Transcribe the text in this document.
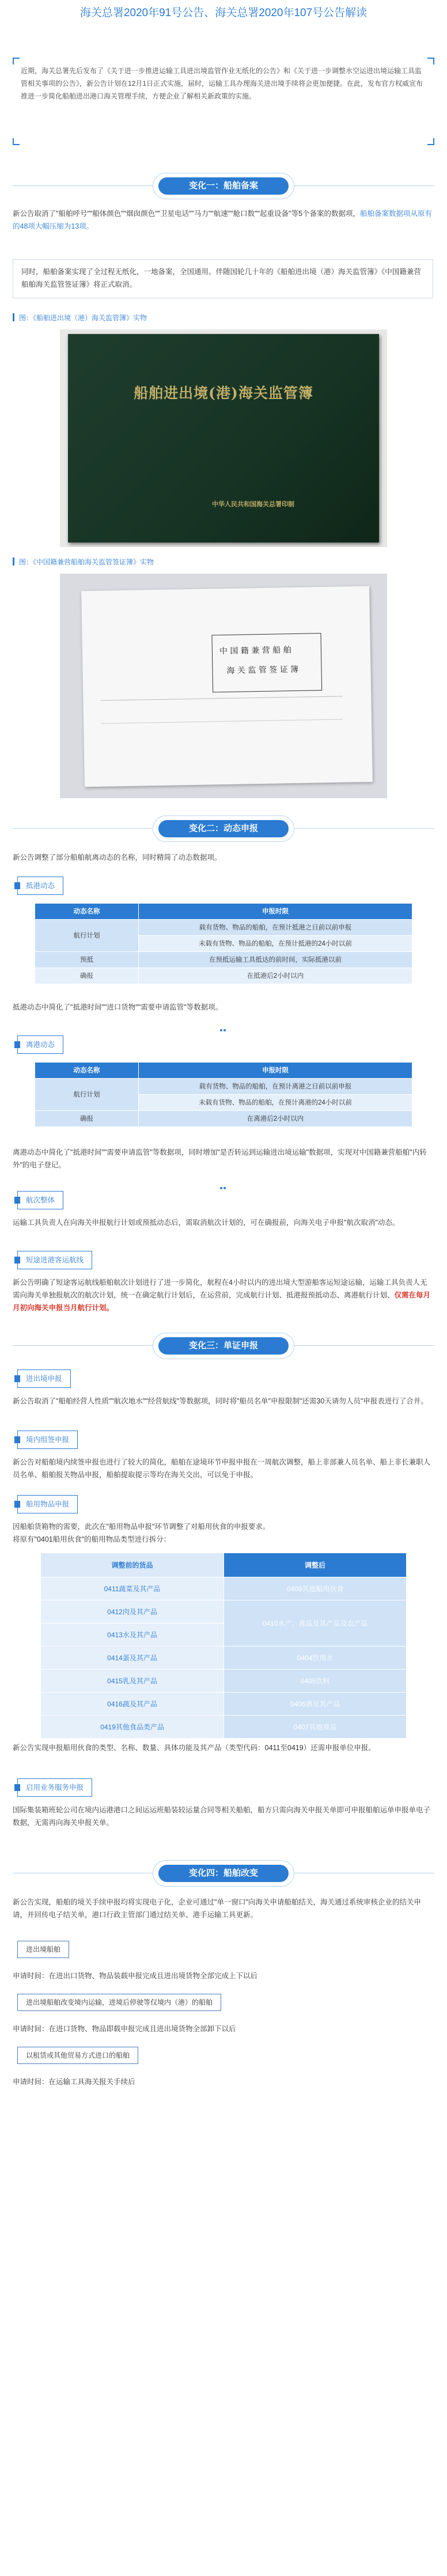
海关总署2020年91号公告、海关总署2020年107号公告解读
近期，海关总署先后发布了《关于进一步推进运输工具进出境监管作业无纸化的公告》和《关于进一步调整水空运进出境运输工具监管相关事项的公告》，新公告计划在12月1日正式实施，届时，运输工具办理海关进出境手续将会更加便捷。在此，发布官方权威宣布推进一步简化船舶进出港口海关管理手续，方便企业了解相关新政策的实施。
变化一：船舶备案
新公告取消了"船舶呼号""船体颜色""烟囱颜色""卫星电话""马力""航速""舱口数""起重设备"等5个备案的数据项，船舶备案数据项从原有的48项大幅压缩为13项。
同时，船舶备案实现了全过程无纸化，一地备案，全国通用。伴随国轮几十年的《船舶进出境（港）海关监管簿》《中国籍兼营船舶海关监管签证簿》将正式取消。
图：《船舶进出境（港）海关监管簿》实物
船舶进出境(港)海关监管簿
中华人民共和国海关总署印制
图：《中国籍兼营船舶海关监管签证簿》实物
中 国 籍 兼 营 船 舶
海 关 监 管 签 证 簿
变化二：动态申报
新公告调整了部分船舶航离动态的名称，同时精简了动态数据项。
抵港动态
动态名称	申报时限
航行计划	载有货物、物品的船舶，在预计抵港之日前以前申报
	未载有货物、物品的船舶，在预计抵港的24小时以前
预抵	在预抵运输工具抵达的前时间，实际抵港以前
确报	在抵港后2小时以内
抵港动态中简化了"抵港时间""进口货物""需要申请监管"等数据项。
离港动态
动态名称	申报时限
航行计划	载有货物、物品的船舶，在预计离港之日前以前申报
	未载有货物、物品的船舶，在预计离港的24小时以前
确报	在离港后2小时以内
离港动态中简化了"抵港时间""需要申请监管"等数据项，同时增加"是否转运到运输进出境运输"数据项，实现对中国籍兼营船舶"内转外"的电子登记。
航次整体
运输工具负责人在向海关申报航行计划或预抵动态后，需取消航次计划的，可在确报前，向海关电子申报"航次取消"动态。
短途进港客运航线
新公告明确了短途客运航线船舶航次计划进行了进一步简化，航程在4小时以内的进出境大型游船客运短途运输，运输工具负责人无需向海关单独报航次的航次计划，统一在确定航行计划后，在运营前，完成航行计划、抵港报预抵动态、离港航行计划、仅需在每月月初向海关申报当月航行计划。
变化三：单证申报
进出境申报
新公告取消了"船舶经营人性质""航次地水""经营航线"等数据项，同时将"船员名单"申报限制"还需30天请勿人员"申报表进行了合并。
境内组签申报
新公告对船舶境内续签申报也进行了较大的简化，船舶在途境环节申报申报在一周航次调整，船上非部兼人员名单、船上非长兼职人员名单、船舶报关物品申报，船舶提取提示等均在海关交出，可以免于申报。
船用物品申报
因船舶货箱物的需要，此次在"船用物品申报"环节调整了对船用伙食的申报要求。
将原有"0401船用伙食"的船用物品类型进行拆分：
调整前的货品	调整后
0411蔬菜及其产品	0409其他船用伙食
0412肉及其产品	0410水产、食品及其产品及农产品
0413水及其产品	
0414蛋及其产品	0404饮用水
0415乳及其产品	0405饮料
0416蔬及其产品	0406酒及其产品
0419其他食品类产品	0407其他食品
新公告实现申报船用伙食的类型、名称、数量、具体功能及其产品（类型代码：0411至0419）还需申报单位申报。
启用业务服务申报
国际集装箱班轮公司在境内运港港口之间运运班船装较运量合同等相关船舶，船方只需向海关申报关单即可申报船舶运单申报单电子数据，无需再向海关申报关单。
变化四：船舶改变
新公告实现，船舶的境关手续申报均将实现电子化，企业可通过"单一窗口"向海关申请船舶结关，海关通过系统审核企业的结关申请，并回传电子结关单，港口行政主管部门通过结关单、港手运输工具更新。
进出境船舶
申请时间：在进出口货物、物品装载申报完成且进出境货物全部完成上下以后
进出境船舶改变境内运输，进境后停驶等仅境内（港）的船舶
申请时间：在进口货物、物品即载申报完成且进出境货物全部卸下以后
以租赁或其他贸易方式进口的船舶
申请时间：在运输工具海关报关手续后
